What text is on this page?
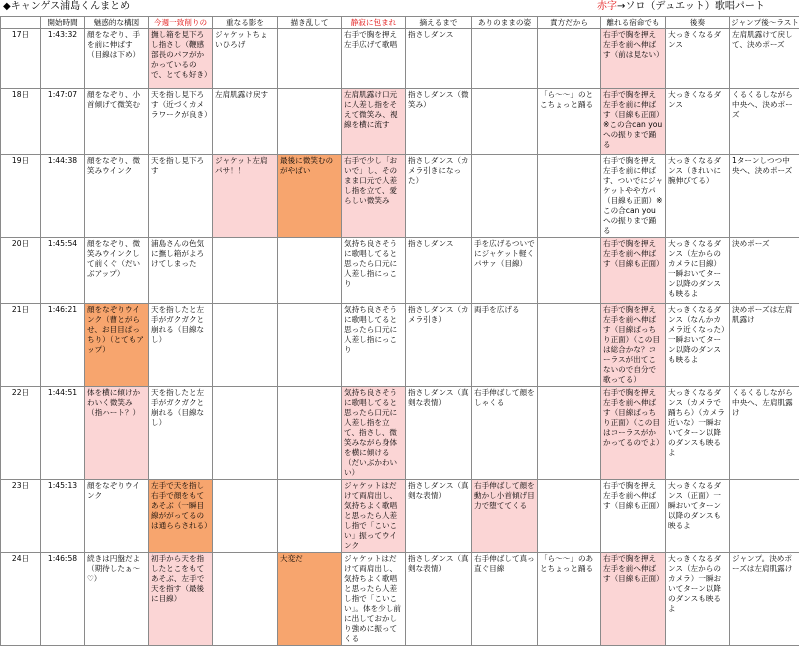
◆キャンゲス浦島くんまとめ	赤字→ソロ（デュエット）歌唱パート
	開始時間	魅惑的な構図	今週一致削りの	重なる影を	描き乱して	静寂に包まれ	摘えるまで	ありのままの姿	責方だから	離れる宿命でも	後奏	ジャンプ後〜ラスト
17日	1:43:32	顔をなぞり、手を前に伸ばす（目線は下め）	撫し箱を見下ろし指さし（鞭感部長のパフがかかっているので、とても好き）	ジャケットちょいひろげ		右手で胸を押え左手広げて歌唱	指さしダンス			右手で胸を押え左手を前へ伸ばす（前は見ない）	大っきくなるダンス	左肩肌露けて戻して、決めポーズ
18日	1:47:07	顔をなぞり、小首傾げて微笑む	天を指し見下ろす（近づくカメラワークが良き）	左肩肌露け戻す		左肩肌露け口元に人差し指をそえて微笑み、視線を横に流す	指さしダンス（微笑み）		「ら〜〜」のとこちょっと踊る	右手で胸を押え左手を前に伸ばす（目線も正面）※この合can youへの振りまで踊る	大っきくなるダンス	くるくるしながら中央へ、決めポーズ
19日	1:44:38	顔をなぞり、微笑みウインク	天を指し見下ろす	ジャケット左肩パサ！！	最後に微笑むのがやばい	右手で少し「おいで」し、そのまま口元で人差し指を立て、愛らしい微笑み	指さしダンス（カメラ引きになった）			右手で胸を押え左手を前に伸ばす、ついでにジャケットやや方パ（目線も正面）※この合can youへの振りまで踊る	大っきくなるダンス（きれいに腕伸びてる）	1ターンしつつ中央へ、決めポーズ
20日	1:45:54	顔をなぞり、微笑みウインクして前くぐ（だいぶアップ）	浦島さんの色気に撫し箱がよろけてしまった			気持ち良さそうに歌唱してると思ったら口元に人差し指にっこり	指さしダンス	手を広げるついでにジャケット軽くパサァ（目線）		右手で胸を押え左手を前へ伸ばす（目線も正面）	大っきくなるダンス（左からのカメラに目線）一瞬おいてターン以降のダンスも映るよ	決めポーズ
21日	1:46:21	顔をなぞりウインク（曹とがらせ、お目目ぱっちり）（とてもアップ）	天を指したと左手がガクガクと崩れる（目線なし）			気持ち良さそうに歌唱してると思ったら口元に人差し指にっこり	指さしダンス（カメラ引き）	両手を広げる		右手で胸を押え左手を前へ伸ばす（目線ばっちり正面）（この目は総合かな？コーラスが出てこないので自分で歌ってる）	大っきくなるダンス（なんかカメラ近くなった）一瞬おいてターン以降のダンスも映るよ	決めポーズは左肩肌露け
22日	1:44:51	体を横に傾けかわいく微笑み（指ハート？）	天を指したと左手がガクガクと崩れる（目線なし）			気持ち良さそうに歌唱してると思ったら口元に人差し指を立て、指さし、微笑みながら身体を横に傾ける（だいぶかわいい）	指さしダンス（真剣な表情）	右手伸ばして顔をしゃくる		右手で胸を押え左手を前へ伸ばす（目線ばっちり正面）（この目はコーラスがかかってるのでよ）	大っきくなるダンス（カメラで踊ちら）（カメラ近いな）一瞬おいてターン以降のダンスも映るよ	くるくるしながら中央へ、左肩肌露け
23日	1:45:13	顔をなぞりウインク	左手で天を指し右手で顔をもてあそぶ（一瞬目線ががってるのは通ららされる）			ジャケットはだけて両肩出し、気持ちよく歌唱と思ったら人差し指で「こいこい」振ってウインク	指さしダンス（真剣な表情）	右手伸ばして顔を動かし小首傾げ目力で堕ててくる		右手で胸を押え左手を前へ伸ばす（目線も正面）	大っきくなるダンス（正面）一瞬おいてターン以降のダンスも映るよ	
24日	1:46:58	続きは円盤だよ（期待したぁ〜♡）	初手から天を指したとこをもてあそぶ、左手で天を指す（最後に目線）		大変だ	ジャケットはだけて両肩出し、気持ちよく歌唱と思ったら人差し指で「こいこい」。体を少し前に出しておかしり強めに振ってくる	指さしダンス（真剣な表情）	右手伸ばして真っ直ぐ目線	「ら〜〜」のあとちょっと踊る	右手で胸を押え左手を前へ伸ばす（目線も正面）	大っきくなるダンス（左からのカメラ）一瞬おいてターン以降のダンスも映るよ	ジャンプ。決めポーズは左肩肌露け
